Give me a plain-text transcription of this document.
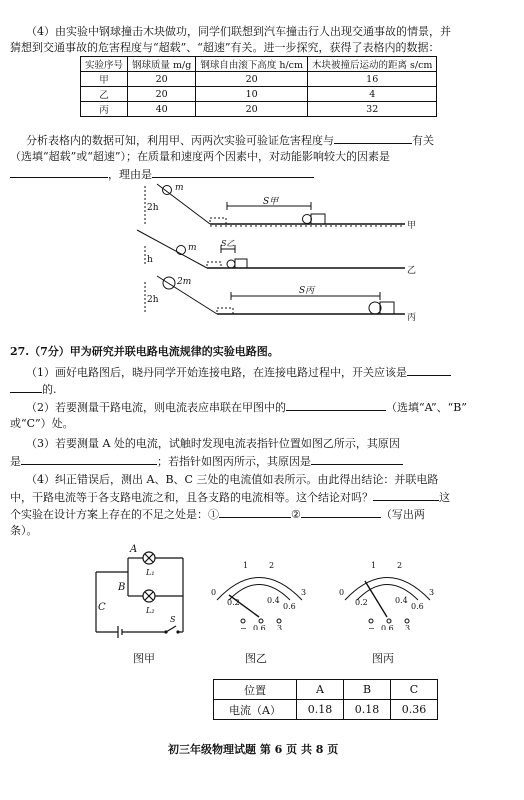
（4）由实验中钢球撞击木块做功，同学们联想到汽车撞击行人出现交通事故的情景，并
猜想到交通事故的危害程度与“超载”、“超速”有关。进一步探究，获得了表格内的数据：
实验序号	钢球质量 m/g	钢球自由滚下高度 h/cm	木块被撞后运动的距离 s/cm
甲	20	20	16
乙	20	10	4
丙	40	20	32
分析表格内的数据可知，利用甲、丙两次实验可验证危害程度与	有关
（选填“超载”或“超速”）；在质量和速度两个因素中，对动能影响较大的因素是
，理由是
2h
m
S甲
甲
h
m	S乙
乙
2h
2m
S丙
丙
27.（7分）甲为研究并联电路电流规律的实验电路图。
（1）画好电路图后，晓丹同学开始连接电路，在连接电路过程中，开关应该是
的.
（2）若要测量干路电流，则电流表应串联在甲图中的	（选填“A”、“B”
或“C”）处。
（3）若要测量 A 处的电流，试触时发现电流表指针位置如图乙所示，其原因
是	；若指针如图丙所示，其原因是
（4）纠正错误后，测出 A、B、C 三处的电流值如表所示。由此得出结论：并联电路
中，干路电流等于各支路电流之和，且各支路的电流相等。这个结论对吗？	这
个实验在设计方案上存在的不足之处是：①	②	（写出两
条）。
A
B
C
L₁
L₂
S
0
1	2
3
0.2	0.4
0.6
− 0.6 3
0
1	2
3
0.2	0.4
0.6
− 0.6 3
图甲	图乙	图丙
位置	A	B	C
电流（A）	0.18	0.18	0.36
初三年级物理试题 第 6 页 共 8 页
